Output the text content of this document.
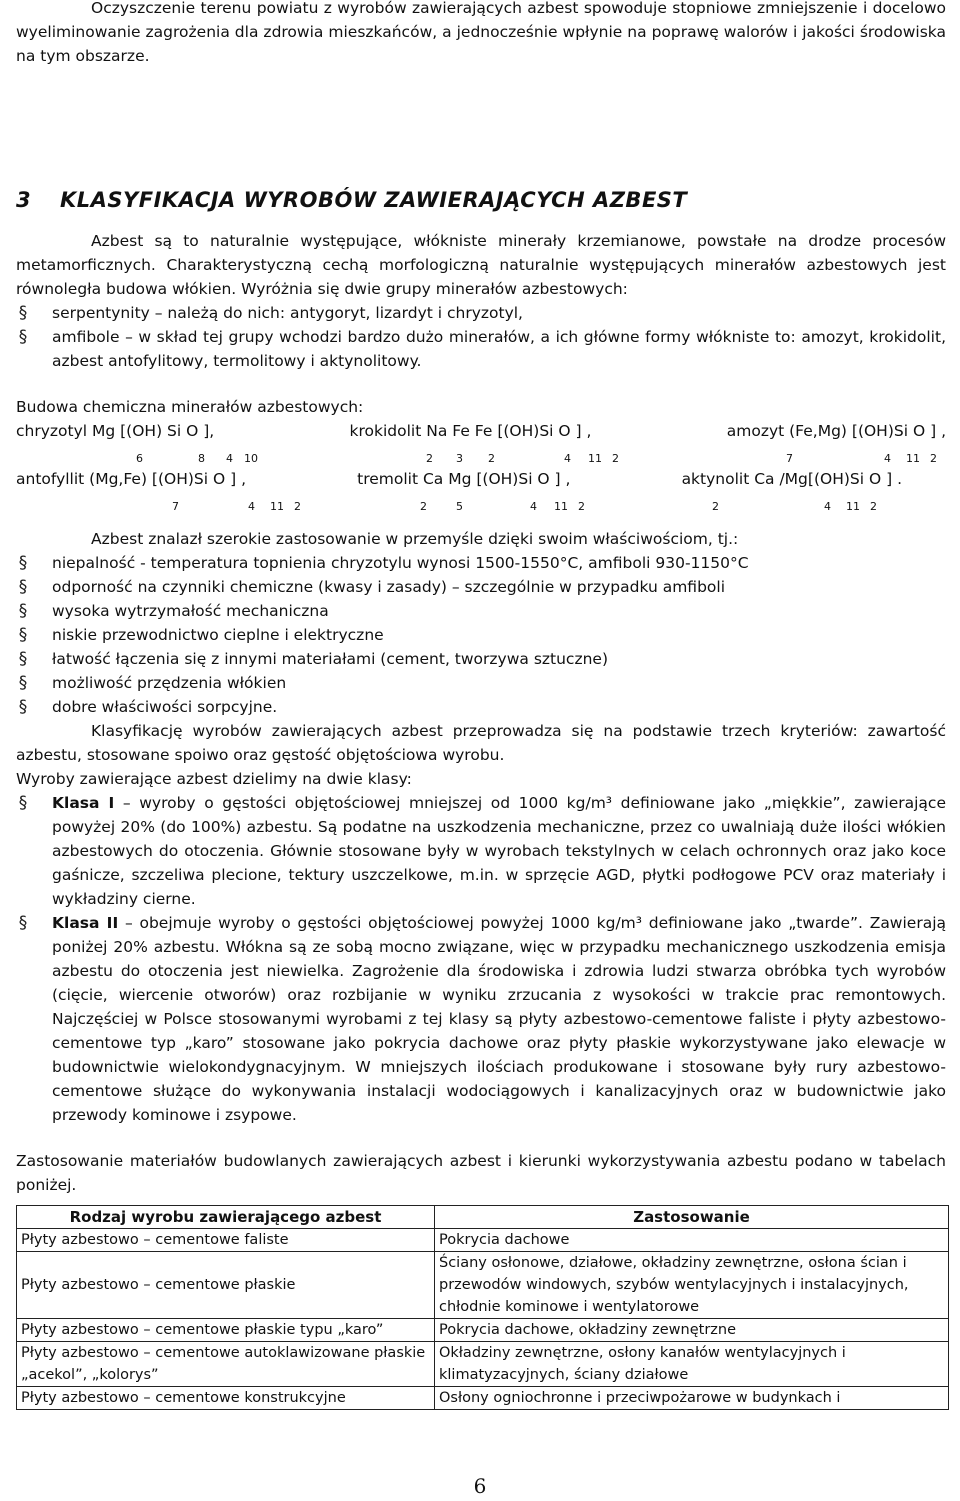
Oczyszczenie terenu powiatu z wyrobów zawierających azbest spowoduje stopniowe zmniejszenie i docelowo wyeliminowanie zagrożenia dla zdrowia mieszkańców, a jednocześnie wpłynie na poprawę walorów i jakości środowiska na tym obszarze.

3 KLASYFIKACJA WYROBÓW ZAWIERAJĄCYCH AZBEST

Azbest są to naturalnie występujące, włókniste minerały krzemianowe, powstałe na drodze procesów metamorficznych. Charakterystyczną cechą morfologiczną naturalnie występujących minerałów azbestowych jest równoległa budowa włókien. Wyróżnia się dwie grupy minerałów azbestowych:

§ serpentynity – należą do nich: antygoryt, lizardyt i chryzotyl,
§ amfibole – w skład tej grupy wchodzi bardzo dużo minerałów, a ich główne formy włókniste to: amozyt, krokidolit, azbest antofylitowy, termolitowy i aktynolitowy.

Budowa chemiczna minerałów azbestowych:

chryzotyl Mg [(OH) Si O ],	krokidolit Na Fe Fe [(OH)Si O ] ,	amozyt (Fe,Mg) [(OH)Si O ] ,
6	8 4 10	2 3 2	4 11 2	7	4 11 2
antofyllit (Mg,Fe) [(OH)Si O ] ,	tremolit Ca Mg [(OH)Si O ] ,	aktynolit Ca /Mg[(OH)Si O ] .
7	4 11 2	2	5	4 11 2	2	4 11 2

Azbest znalazł szerokie zastosowanie w przemyśle dzięki swoim właściwościom, tj.:

§ niepalność - temperatura topnienia chryzotylu wynosi 1500-1550°C, amfiboli 930-1150°C
§ odporność na czynniki chemiczne (kwasy i zasady) – szczególnie w przypadku amfiboli
§ wysoka wytrzymałość mechaniczna
§ niskie przewodnictwo cieplne i elektryczne
§ łatwość łączenia się z innymi materiałami (cement, tworzywa sztuczne)
§ możliwość przędzenia włókien
§ dobre właściwości sorpcyjne.

Klasyfikację wyrobów zawierających azbest przeprowadza się na podstawie trzech kryteriów: zawartość azbestu, stosowane spoiwo oraz gęstość objętościowa wyrobu.

Wyroby zawierające azbest dzielimy na dwie klasy:

§ Klasa I – wyroby o gęstości objętościowej mniejszej od 1000 kg/m³ definiowane jako „miękkie”, zawierające powyżej 20% (do 100%) azbestu. Są podatne na uszkodzenia mechaniczne, przez co uwalniają duże ilości włókien azbestowych do otoczenia. Głównie stosowane były w wyrobach tekstylnych w celach ochronnych oraz jako koce gaśnicze, szczeliwa plecione, tektury uszczelkowe, m.in. w sprzęcie AGD, płytki podłogowe PCV oraz materiały i wykładziny cierne.
§ Klasa II – obejmuje wyroby o gęstości objętościowej powyżej 1000 kg/m³ definiowane jako „twarde”. Zawierają poniżej 20% azbestu. Włókna są ze sobą mocno związane, więc w przypadku mechanicznego uszkodzenia emisja azbestu do otoczenia jest niewielka. Zagrożenie dla środowiska i zdrowia ludzi stwarza obróbka tych wyrobów (cięcie, wiercenie otworów) oraz rozbijanie w wyniku zrzucania z wysokości w trakcie prac remontowych. Najczęściej w Polsce stosowanymi wyrobami z tej klasy są płyty azbestowo-cementowe faliste i płyty azbestowo-cementowe typ „karo” stosowane jako pokrycia dachowe oraz płyty płaskie wykorzystywane jako elewacje w budownictwie wielokondygnacyjnym. W mniejszych ilościach produkowane i stosowane były rury azbestowo-cementowe służące do wykonywania instalacji wodociągowych i kanalizacyjnych oraz w budownictwie jako przewody kominowe i zsypowe.

Zastosowanie materiałów budowlanych zawierających azbest i kierunki wykorzystywania azbestu podano w tabelach poniżej.

Rodzaj wyrobu zawierającego azbest	Zastosowanie
Płyty azbestowo – cementowe faliste	Pokrycia dachowe
Płyty azbestowo – cementowe płaskie	Ściany osłonowe, działowe, okładziny zewnętrzne, osłona ścian i przewodów windowych, szybów wentylacyjnych i instalacyjnych, chłodnie kominowe i wentylatorowe
Płyty azbestowo – cementowe płaskie typu „karo”	Pokrycia dachowe, okładziny zewnętrzne
Płyty azbestowo – cementowe autoklawizowane płaskie „acekol”, „kolorys”	Okładziny zewnętrzne, osłony kanałów wentylacyjnych i klimatyzacyjnych, ściany działowe
Płyty azbestowo – cementowe konstrukcyjne	Osłony ogniochronne i przeciwpożarowe w budynkach i
6
